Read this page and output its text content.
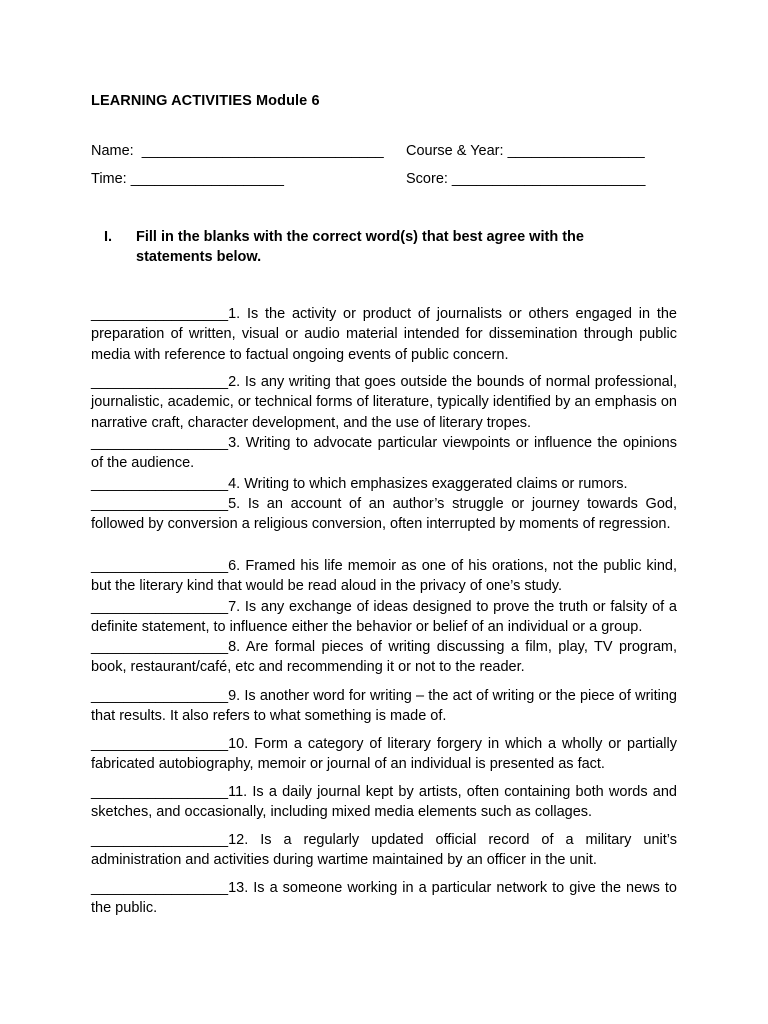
LEARNING ACTIVITIES Module 6
Name:  ______________________________ Course & Year: _________________
Time: ___________________	Score: ________________________
I. Fill in the blanks with the correct word(s) that best agree with the statements below.
_________________1. Is the activity or product of journalists or others engaged in the preparation of written, visual or audio material intended for dissemination through public media with reference to factual ongoing events of public concern.
_________________2. Is any writing that goes outside the bounds of normal professional, journalistic, academic, or technical forms of literature, typically identified by an emphasis on narrative craft, character development, and the use of literary tropes.
_________________3. Writing to advocate particular viewpoints or influence the opinions of the audience.
_________________4. Writing to which emphasizes exaggerated claims or rumors.
_________________5. Is an account of an author’s struggle or journey towards God, followed by conversion a religious conversion, often interrupted by moments of regression.
_________________6. Framed his life memoir as one of his orations, not the public kind, but the literary kind that would be read aloud in the privacy of one’s study.
_________________7. Is any exchange of ideas designed to prove the truth or falsity of a definite statement, to influence either the behavior or belief of an individual or a group.
_________________8. Are formal pieces of writing discussing a film, play, TV program, book, restaurant/café, etc and recommending it or not to the reader.
_________________9. Is another word for writing – the act of writing or the piece of writing that results. It also refers to what something is made of.
_________________10. Form a category of literary forgery in which a wholly or partially fabricated autobiography, memoir or journal of an individual is presented as fact.
_________________11. Is a daily journal kept by artists, often containing both words and sketches, and occasionally, including mixed media elements such as collages.
_________________12. Is a regularly updated official record of a military unit’s administration and activities during wartime maintained by an officer in the unit.
_________________13. Is a someone working in a particular network to give the news to the public.
